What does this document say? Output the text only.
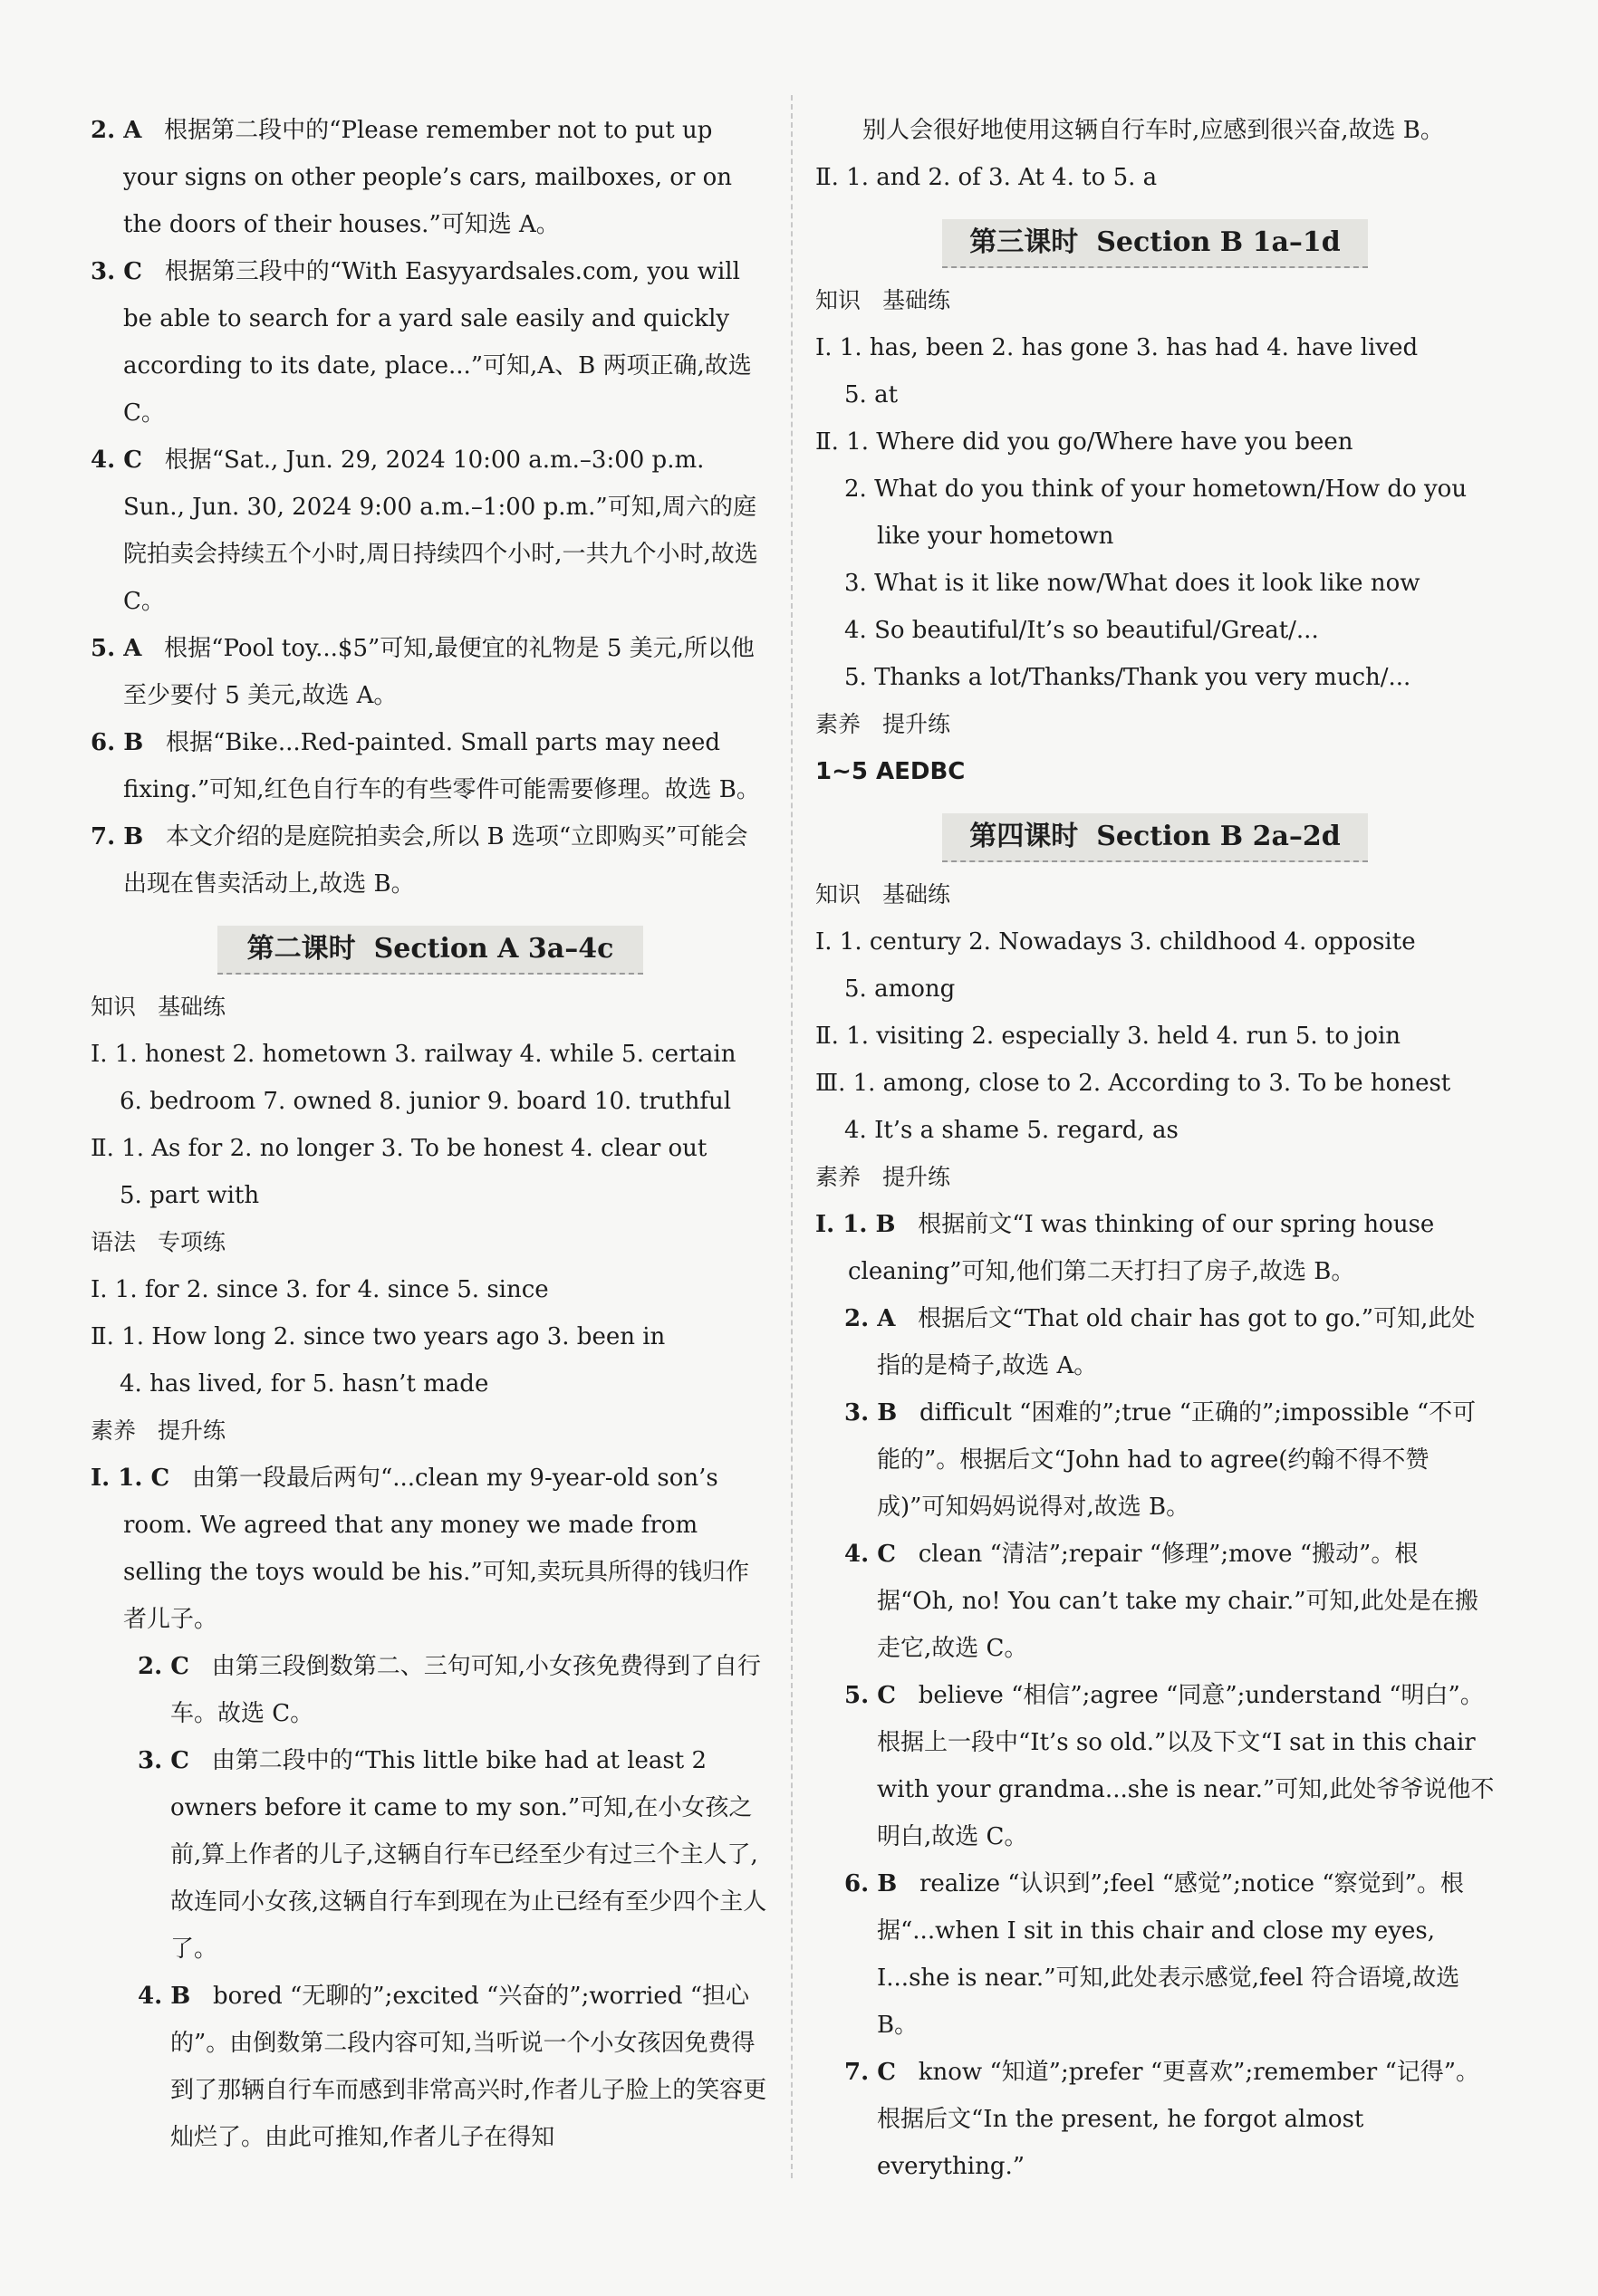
2. A 根据第二段中的“Please remember not to put up your signs on other people’s cars, mailboxes, or on the doors of their houses.”可知选 A。

3. C 根据第三段中的“With Easyyardsales.com, you will be able to search for a yard sale easily and quickly according to its date, place...”可知,A、B 两项正确,故选 C。

4. C 根据“Sat., Jun. 29, 2024 10:00 a.m.–3:00 p.m. Sun., Jun. 30, 2024 9:00 a.m.–1:00 p.m.”可知,周六的庭院拍卖会持续五个小时,周日持续四个小时,一共九个小时,故选 C。

5. A 根据“Pool toy...$5”可知,最便宜的礼物是 5 美元,所以他至少要付 5 美元,故选 A。

6. B 根据“Bike...Red-painted. Small parts may need fixing.”可知,红色自行车的有些零件可能需要修理。故选 B。

7. B 本文介绍的是庭院拍卖会,所以 B 选项“立即购买”可能会出现在售卖活动上,故选 B。

第二课时 Section A 3a–4c

知识 基础练

Ⅰ. 1. honest 2. hometown 3. railway 4. while 5. certain

6. bedroom 7. owned 8. junior 9. board 10. truthful

Ⅱ. 1. As for 2. no longer 3. To be honest 4. clear out

5. part with

语法 专项练

Ⅰ. 1. for 2. since 3. for 4. since 5. since

Ⅱ. 1. How long 2. since two years ago 3. been in

4. has lived, for 5. hasn’t made

素养 提升练

Ⅰ. 1. C 由第一段最后两句“...clean my 9-year-old son’s room. We agreed that any money we made from selling the toys would be his.”可知,卖玩具所得的钱归作者儿子。

2. C 由第三段倒数第二、三句可知,小女孩免费得到了自行车。故选 C。

3. C 由第二段中的“This little bike had at least 2 owners before it came to my son.”可知,在小女孩之前,算上作者的儿子,这辆自行车已经至少有过三个主人了,故连同小女孩,这辆自行车到现在为止已经有至少四个主人了。

4. B bored “无聊的”;excited “兴奋的”;worried “担心的”。由倒数第二段内容可知,当听说一个小女孩因免费得到了那辆自行车而感到非常高兴时,作者儿子脸上的笑容更灿烂了。由此可推知,作者儿子在得知

别人会很好地使用这辆自行车时,应感到很兴奋,故选 B。

Ⅱ. 1. and 2. of 3. At 4. to 5. a

第三课时 Section B 1a–1d

知识 基础练

Ⅰ. 1. has, been 2. has gone 3. has had 4. have lived

5. at

Ⅱ. 1. Where did you go/Where have you been

2. What do you think of your hometown/How do you like your hometown

3. What is it like now/What does it look like now

4. So beautiful/It’s so beautiful/Great/...

5. Thanks a lot/Thanks/Thank you very much/...

素养 提升练

1~5 AEDBC

第四课时 Section B 2a–2d

知识 基础练

Ⅰ. 1. century 2. Nowadays 3. childhood 4. opposite

5. among

Ⅱ. 1. visiting 2. especially 3. held 4. run 5. to join

Ⅲ. 1. among, close to 2. According to 3. To be honest

4. It’s a shame 5. regard, as

素养 提升练

Ⅰ. 1. B 根据前文“I was thinking of our spring house cleaning”可知,他们第二天打扫了房子,故选 B。

2. A 根据后文“That old chair has got to go.”可知,此处指的是椅子,故选 A。

3. B difficult “困难的”;true “正确的”;impossible “不可能的”。根据后文“John had to agree(约翰不得不赞成)”可知妈妈说得对,故选 B。

4. C clean “清洁”;repair “修理”;move “搬动”。根据“Oh, no! You can’t take my chair.”可知,此处是在搬走它,故选 C。

5. C believe “相信”;agree “同意”;understand “明白”。根据上一段中“It’s so old.”以及下文“I sat in this chair with your grandma...she is near.”可知,此处爷爷说他不明白,故选 C。

6. B realize “认识到”;feel “感觉”;notice “察觉到”。根据“...when I sit in this chair and close my eyes, I...she is near.”可知,此处表示感觉,feel 符合语境,故选 B。

7. C know “知道”;prefer “更喜欢”;remember “记得”。根据后文“In the present, he forgot almost everything.”
